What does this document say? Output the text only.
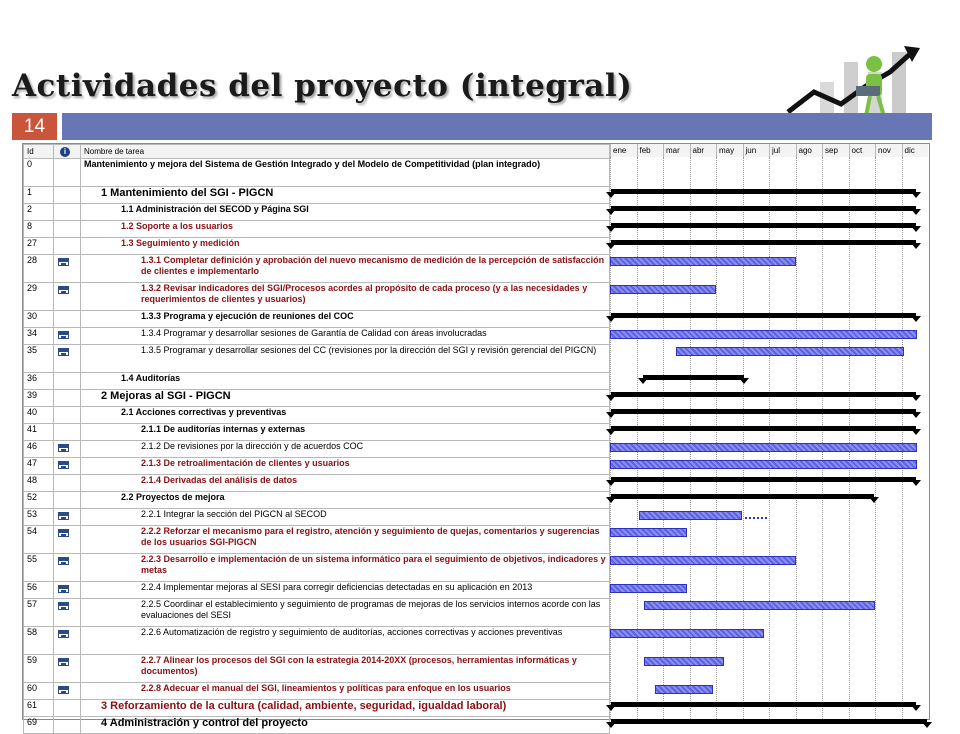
Actividades del proyecto (integral)
14
Id	i	Nombre de tarea
0		Mantenimiento y mejora del Sistema de Gestión Integrado y del Modelo de Competitividad (plan integrado)
1		1 Mantenimiento del SGI - PIGCN
2		1.1 Administración del SECOD y Página SGI
8		1.2 Soporte a los usuarios
27		1.3 Seguimiento y medición
28		1.3.1 Completar definición y aprobación del nuevo mecanismo de medición de la percepción de satisfacción de clientes e implementarlo
29		1.3.2 Revisar indicadores del SGI/Procesos acordes al propósito de cada proceso (y a las necesidades y requerimientos de clientes y usuarios)
30		1.3.3 Programa y ejecución de reuniones del COC
34		1.3.4 Programar y desarrollar sesiones de Garantía de Calidad con áreas involucradas
35		1.3.5 Programar y desarrollar sesiones del CC (revisiones por la dirección del SGI y revisión gerencial del PIGCN)
36		1.4 Auditorías
39		2 Mejoras al SGI - PIGCN
40		2.1 Acciones correctivas y preventivas
41		2.1.1 De auditorías internas y externas
46		2.1.2 De revisiones por la dirección y de acuerdos COC
47		2.1.3 De retroalimentación de clientes y usuarios
48		2.1.4 Derivadas del análisis de datos
52		2.2 Proyectos de mejora
53		2.2.1 Integrar la sección del PIGCN al SECOD
54		2.2.2 Reforzar el mecanismo para el registro, atención y seguimiento de quejas, comentarios y sugerencias de los usuarios SGI-PIGCN
55		2.2.3 Desarrollo e implementación de un sistema informático para el seguimiento de objetivos, indicadores y metas
56		2.2.4 Implementar mejoras al SESI para corregir deficiencias detectadas en su aplicación en 2013
57		2.2.5 Coordinar el establecimiento y seguimiento de programas de mejoras de los servicios internos acorde con las evaluaciones del SESI
58		2.2.6 Automatización de registro y seguimiento de auditorías, acciones correctivas y acciones preventivas
59		2.2.7 Alinear los procesos del SGI con la estrategia 2014-20XX (procesos, herramientas informáticas y documentos)
60		2.2.8 Adecuar el manual del SGI, lineamientos y políticas para enfoque en los usuarios
61		3 Reforzamiento de la cultura (calidad, ambiente, seguridad, igualdad laboral)
69		4 Administración y control del proyecto
ene	feb	mar	abr	may	jun	jul	ago	sep	oct	nov	dic
